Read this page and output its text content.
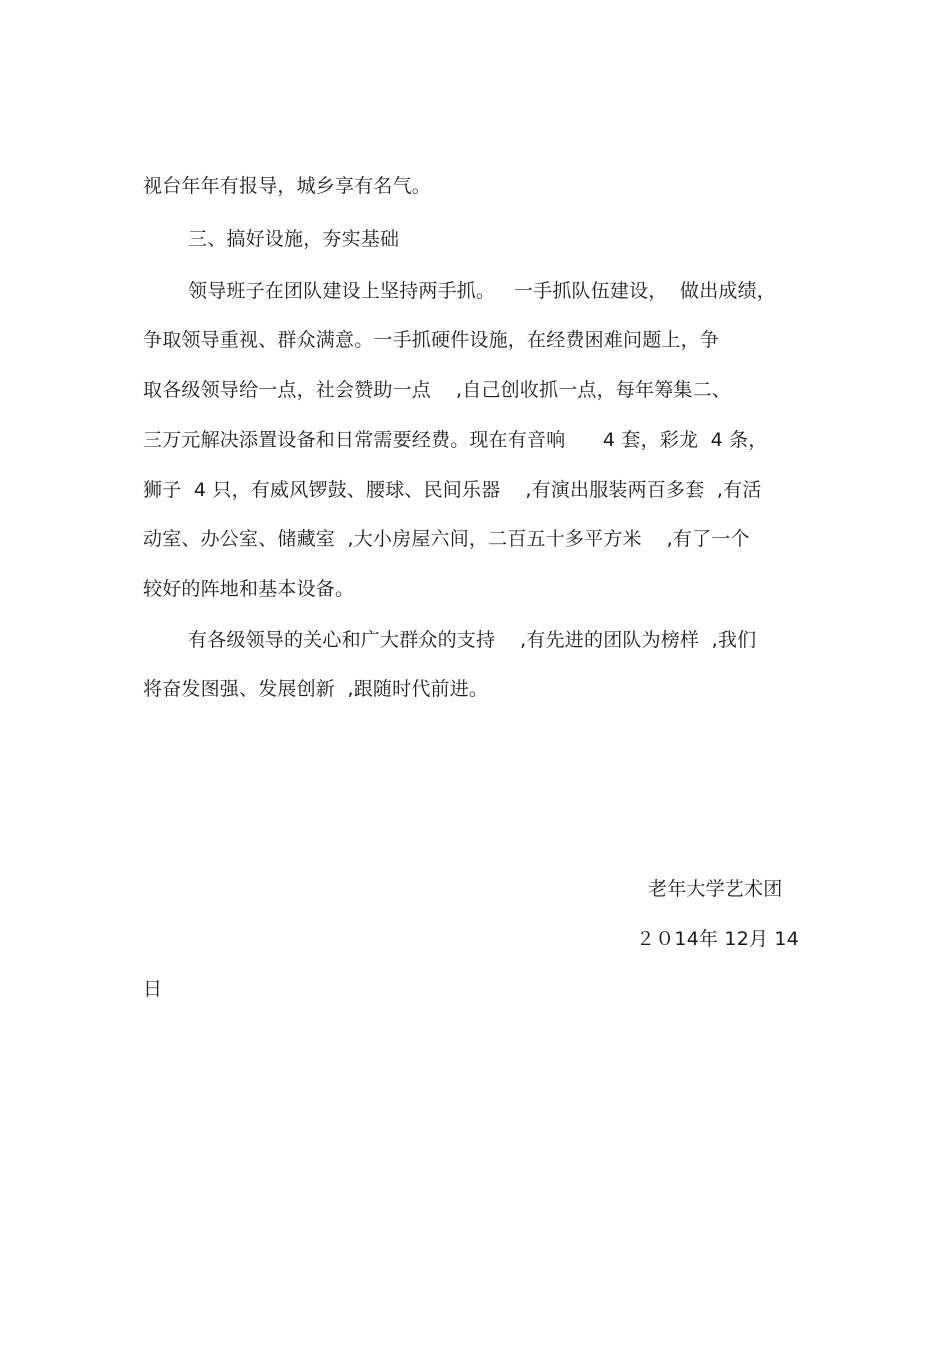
视台年年有报导，城乡享有名气。
三、搞好设施，夯实基础
领导班子在团队建设上坚持两手抓。   一手抓队伍建设，  做出成绩，
争取领导重视、群众满意。一手抓硬件设施，在经费困难问题上，争
取各级领导给一点，社会赞助一点    ,自己创收抓一点，每年筹集二、
三万元解决添置设备和日常需要经费。现在有音响      4 套，彩龙  4 条，
狮子  4 只，有威风锣鼓、腰球、民间乐器    ,有演出服装两百多套  ,有活
动室、办公室、储藏室  ,大小房屋六间，二百五十多平方米    ,有了一个
较好的阵地和基本设备。
有各级领导的关心和广大群众的支持    ,有先进的团队为榜样  ,我们
将奋发图强、发展创新  ,跟随时代前进。
老年大学艺术团
２０14年 12月 14
日
